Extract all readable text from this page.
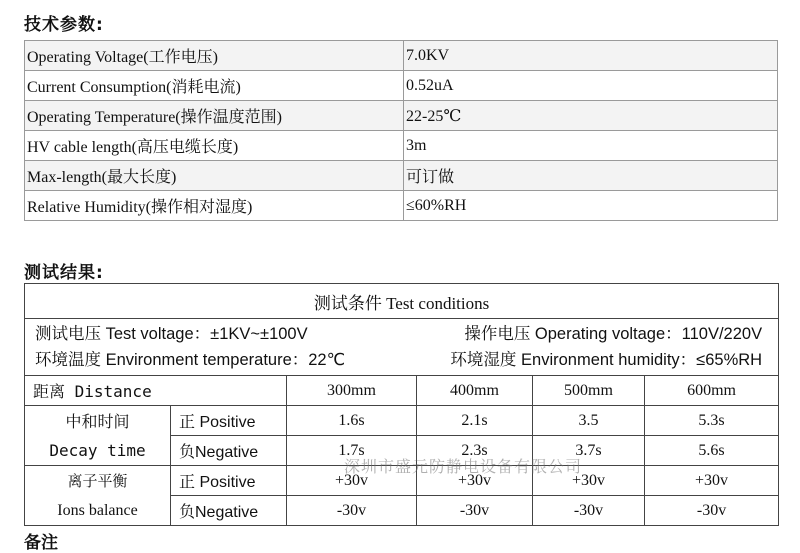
技术参数:
Operating Voltage(工作电压)	7.0KV
Current Consumption(消耗电流)	0.52uA
Operating Temperature(操作温度范围)	22-25℃
HV cable length(高压电缆长度)	3m
Max-length(最大长度)	可订做
Relative Humidity(操作相对湿度)	≤60%RH
测试结果:
测试条件 Test conditions					

测试电压 Test voltage：±1KV~±100V 操作电压 Operating voltage：110V/220V
环境温度 Environment temperature：22℃ 环境湿度 Environment humidity：≤65%RH					

距离 Distance		300mm	400mm	500mm	600mm

中和时间
Decay time	正 Positive	1.6s	2.1s	3.5	5.3s
	负Negative	1.7s	2.3s	3.7s	5.6s

离子平衡
Ions balance	正 Positive	+30v	+30v	+30v	+30v
	负Negative	-30v	-30v	-30v	-30v
深圳市盛元防静电设备有限公司
备注
